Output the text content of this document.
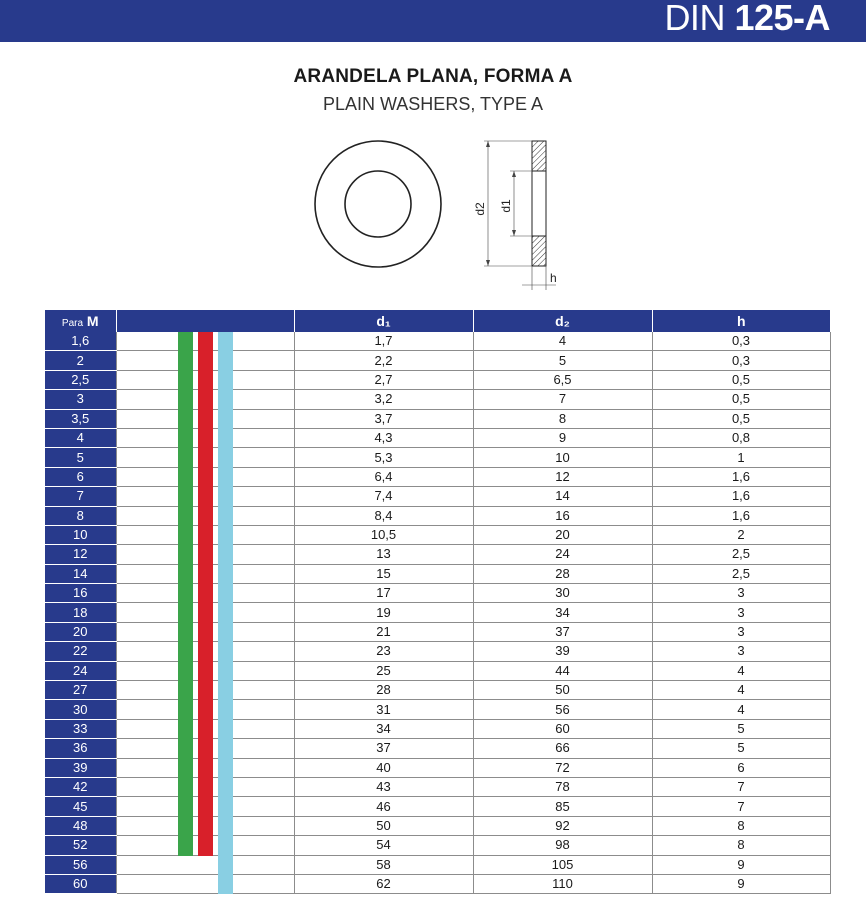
DIN 125-A
ARANDELA PLANA, FORMA A
PLAIN WASHERS, TYPE A
d2 d1
h
Para M		d₁	d₂	h
1,6		1,7	4	0,3
2		2,2	5	0,3
2,5		2,7	6,5	0,5
3		3,2	7	0,5
3,5		3,7	8	0,5
4		4,3	9	0,8
5		5,3	10	1
6		6,4	12	1,6
7		7,4	14	1,6
8		8,4	16	1,6
10		10,5	20	2
12		13	24	2,5
14		15	28	2,5
16		17	30	3
18		19	34	3
20		21	37	3
22		23	39	3
24		25	44	4
27		28	50	4
30		31	56	4
33		34	60	5
36		37	66	5
39		40	72	6
42		43	78	7
45		46	85	7
48		50	92	8
52		54	98	8
56		58	105	9
60		62	110	9
